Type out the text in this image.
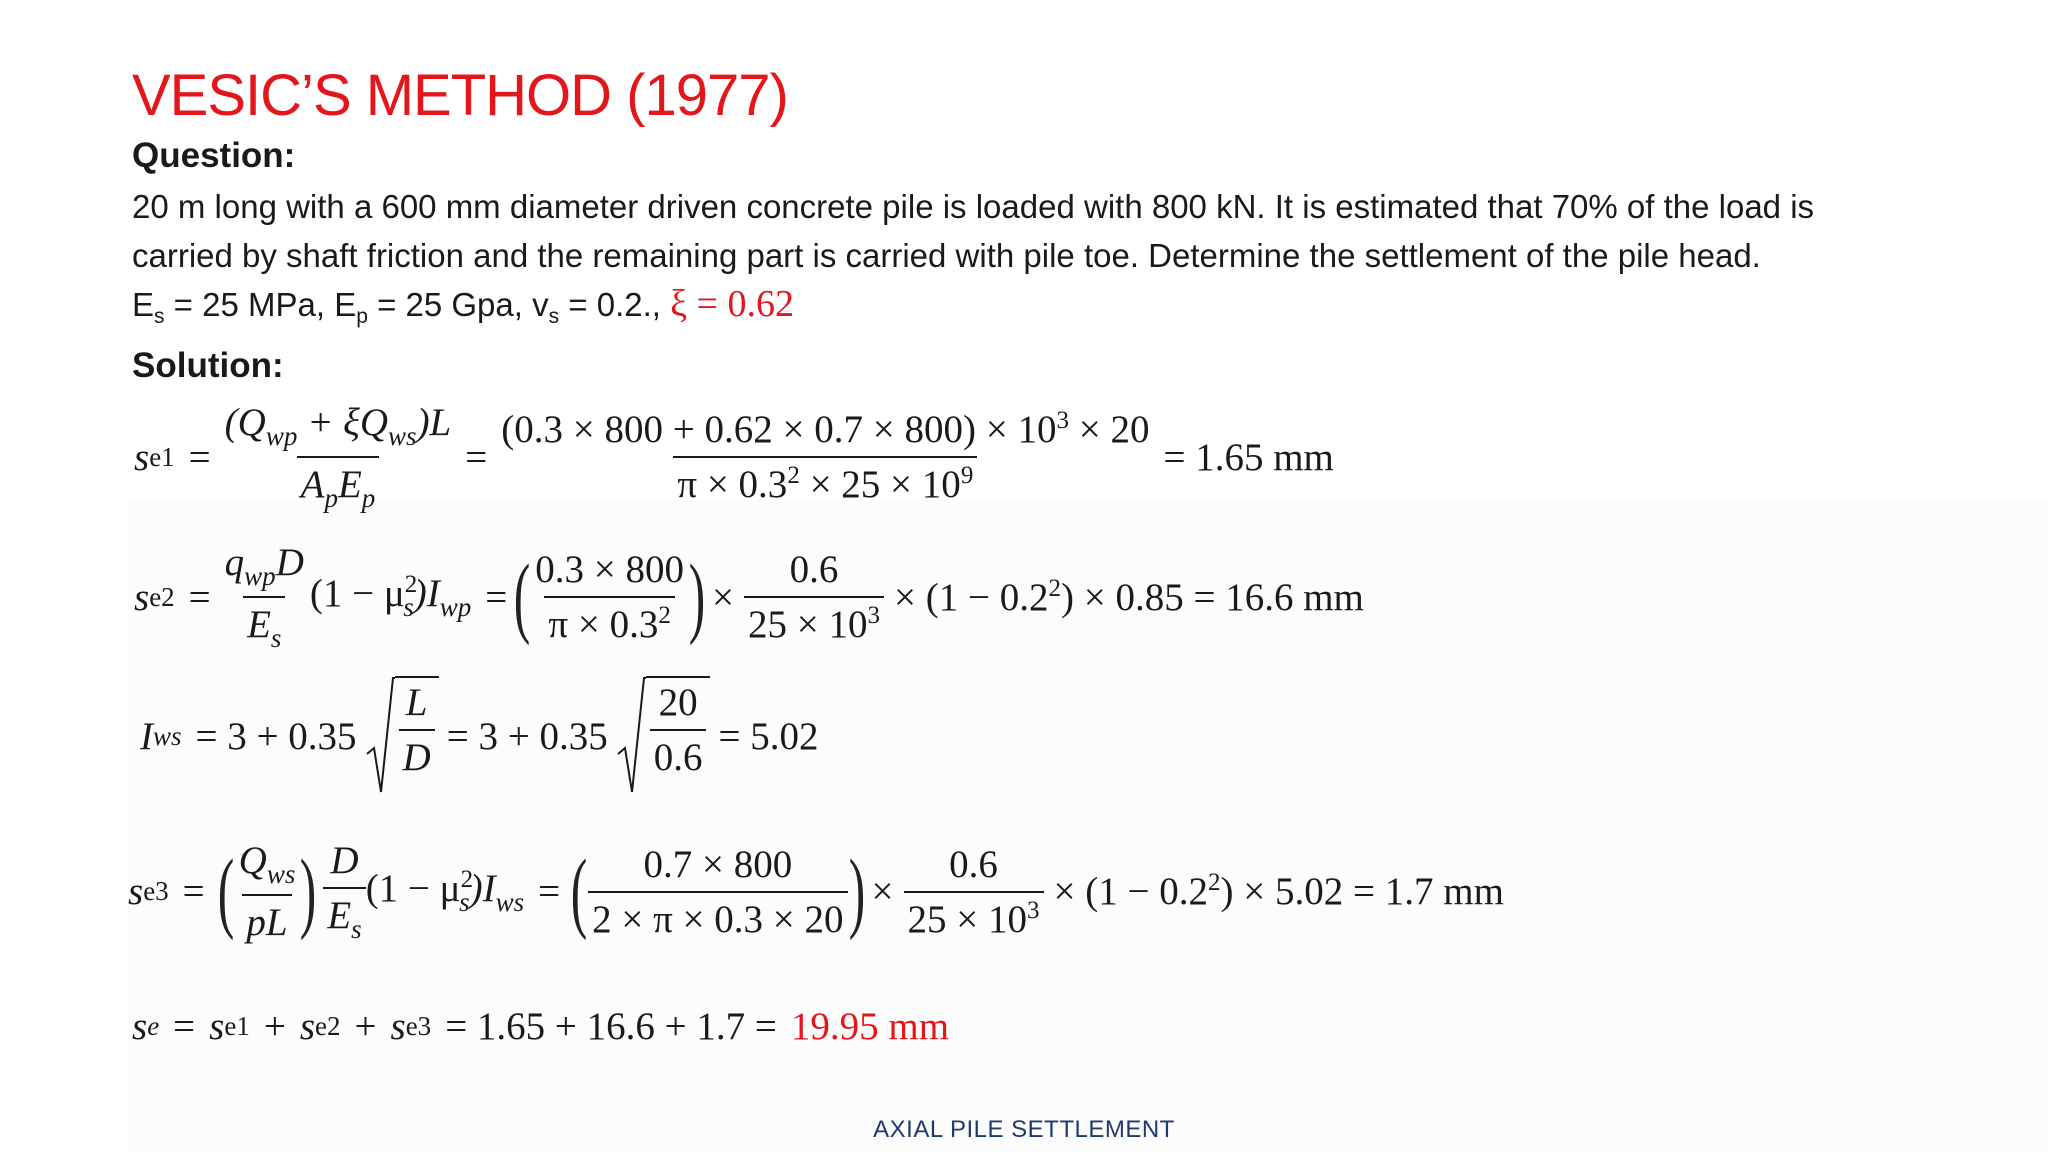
VESIC’S METHOD (1977)
Question:
20 m long with a 600 mm diameter driven concrete pile is loaded with 800 kN. It is estimated that 70% of the load is
carried by shaft friction and the remaining part is carried with pile toe. Determine the settlement of the pile head.
$E_s = 25$ MPa, $E_p = 25$ Gpa, $v_s = 0.2$., ξ = 0.62
Solution:
s $e1 = \frac{(Q_{wp} + \xi Q_{ws})L}{A_pE_p} = \frac{(0.3 \times 800 + 0.62 \times 0.7 \times 800) \times 10^3 \times 20}{\pi \times 0.3^2 \times 25 \times 10^9} = 1.65$ mm
s $e2 = \frac{q_{wp}D}{E_s} (1 - \mu^2_s)I_{wp}$ = ( $\frac{0.3 \times 800}{\pi \times 0.3^2}$ ) × $\frac{0.6}{25 \times 10^3} \times (1 - 0.2^2) \times 0.85 = 16.6$ mm
I ws = $3 + 0.35 \frac{L}{D} = 3 + 0.35 \frac{20}{0.6} = 5.02$
s e3 = ( $\frac{Q_{ws}}{pL}$ ) $\frac{D}{E_s} (1 - \mu^2_s)I_{ws}$ = ( $\frac{0.7 \times 800}{2 \times \pi \times 0.3 \times 20}$ ) × $\frac{0.6}{25 \times 10^3} \times (1 - 0.2^2) \times 5.02 = 1.7$ mm
s e = s e1 + s e2 + s e3 = 1.65 + 16.6 + 1.7 = 19.95 mm
AXIAL PILE SETTLEMENT
